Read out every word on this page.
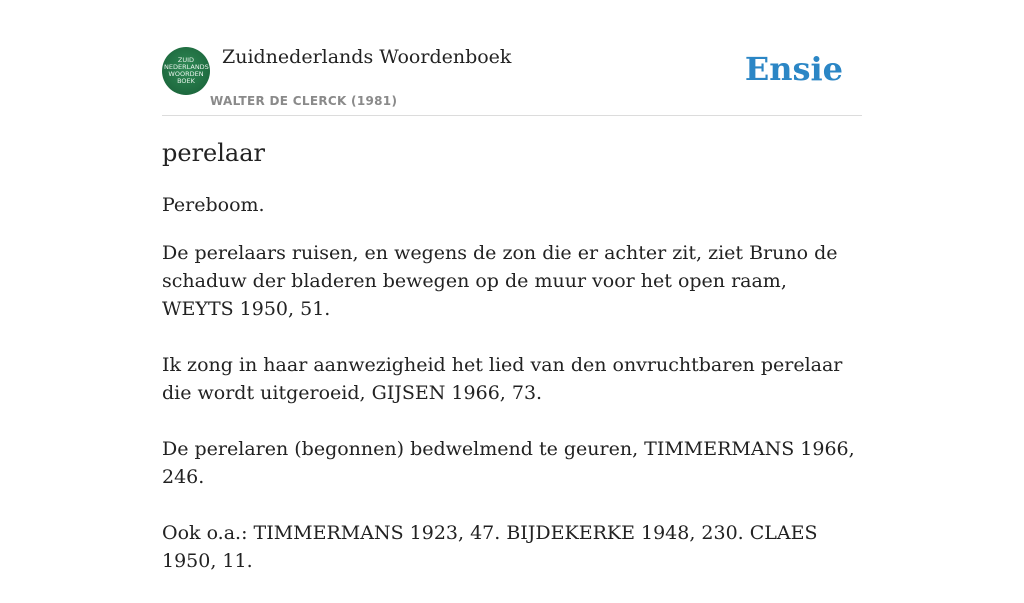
ZUID NEDERLANDS WOORDEN BOEK
Zuidnederlands Woordenboek
WALTER DE CLERCK (1981)
Ensie
perelaar

Pereboom.

De perelaars ruisen, en wegens de zon die er achter zit, ziet Bruno de schaduw der bladeren bewegen op de muur voor het open raam, WEYTS 1950, 51.

Ik zong in haar aanwezigheid het lied van den onvruchtbaren perelaar die wordt uitgeroeid, GIJSEN 1966, 73.

De perelaren (begonnen) bedwelmend te geuren, TIMMERMANS 1966, 246.

Ook o.a.: TIMMERMANS 1923, 47. BIJDEKERKE 1948, 230. CLAES 1950, 11.
